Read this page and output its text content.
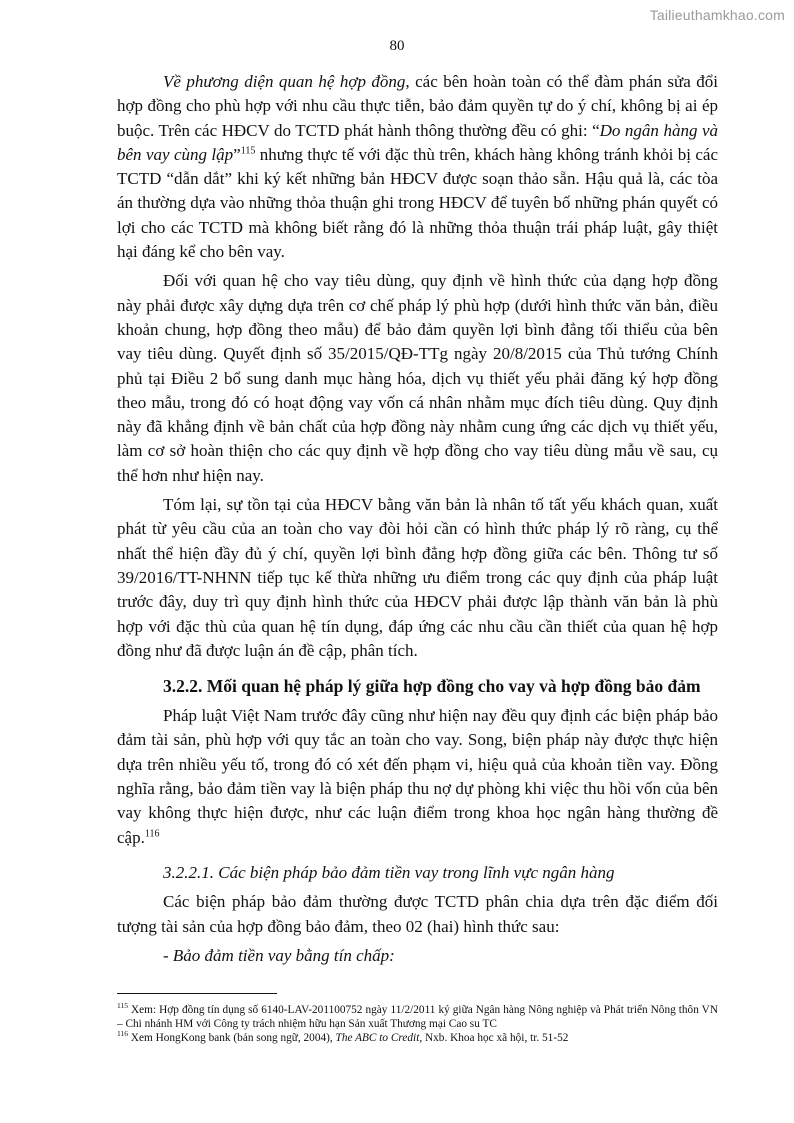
Tailieuthamkhao.com
80

Về phương diện quan hệ hợp đồng, các bên hoàn toàn có thể đàm phán sửa đổi hợp đồng cho phù hợp với nhu cầu thực tiễn, bảo đảm quyền tự do ý chí, không bị ai ép buộc. Trên các HĐCV do TCTD phát hành thông thường đều có ghi: “Do ngân hàng và bên vay cùng lập”$^{115}$ nhưng thực tế với đặc thù trên, khách hàng không tránh khỏi bị các TCTD “dẫn dắt” khi ký kết những bản HĐCV được soạn thảo sẵn. Hậu quả là, các tòa án thường dựa vào những thỏa thuận ghi trong HĐCV để tuyên bố những phán quyết có lợi cho các TCTD mà không biết rằng đó là những thỏa thuận trái pháp luật, gây thiệt hại đáng kể cho bên vay.

Đối với quan hệ cho vay tiêu dùng, quy định về hình thức của dạng hợp đồng này phải được xây dựng dựa trên cơ chế pháp lý phù hợp (dưới hình thức văn bản, điều khoản chung, hợp đồng theo mẫu) để bảo đảm quyền lợi bình đẳng tối thiểu của bên vay tiêu dùng. Quyết định số 35/2015/QĐ-TTg ngày 20/8/2015 của Thủ tướng Chính phủ tại Điều 2 bổ sung danh mục hàng hóa, dịch vụ thiết yếu phải đăng ký hợp đồng theo mẫu, trong đó có hoạt động vay vốn cá nhân nhằm mục đích tiêu dùng. Quy định này đã khẳng định về bản chất của hợp đồng này nhằm cung ứng các dịch vụ thiết yếu, làm cơ sở hoàn thiện cho các quy định về hợp đồng cho vay tiêu dùng mẫu về sau, cụ thể hơn như hiện nay.

Tóm lại, sự tồn tại của HĐCV bằng văn bản là nhân tố tất yếu khách quan, xuất phát từ yêu cầu của an toàn cho vay đòi hỏi cần có hình thức pháp lý rõ ràng, cụ thể nhất thể hiện đầy đủ ý chí, quyền lợi bình đẳng hợp đồng giữa các bên. Thông tư số 39/2016/TT-NHNN tiếp tục kế thừa những ưu điểm trong các quy định của pháp luật trước đây, duy trì quy định hình thức của HĐCV phải được lập thành văn bản là phù hợp với đặc thù của quan hệ tín dụng, đáp ứng các nhu cầu cần thiết của quan hệ hợp đồng như đã được luận án đề cập, phân tích.

3.2.2. Mối quan hệ pháp lý giữa hợp đồng cho vay và hợp đồng bảo đảm

Pháp luật Việt Nam trước đây cũng như hiện nay đều quy định các biện pháp bảo đảm tài sản, phù hợp với quy tắc an toàn cho vay. Song, biện pháp này được thực hiện dựa trên nhiều yếu tố, trong đó có xét đến phạm vi, hiệu quả của khoản tiền vay. Đồng nghĩa rằng, bảo đảm tiền vay là biện pháp thu nợ dự phòng khi việc thu hồi vốn của bên vay không thực hiện được, như các luận điểm trong khoa học ngân hàng thường đề cập.$^{116}$

3.2.2.1. Các biện pháp bảo đảm tiền vay trong lĩnh vực ngân hàng

Các biện pháp bảo đảm thường được TCTD phân chia dựa trên đặc điểm đối tượng tài sản của hợp đồng bảo đảm, theo 02 (hai) hình thức sau:

- Bảo đảm tiền vay bằng tín chấp:

$^{115}$ Xem: Hợp đồng tín dụng số 6140-LAV-201100752 ngày 11/2/2011 ký giữa Ngân hàng Nông nghiệp và Phát triển Nông thôn VN – Chi nhánh HM với Công ty trách nhiệm hữu hạn Sản xuất Thương mại Cao su TC

$^{116}$ Xem HongKong bank (bản song ngữ, 2004), The ABC to Credit, Nxb. Khoa học xã hội, tr. 51-52
